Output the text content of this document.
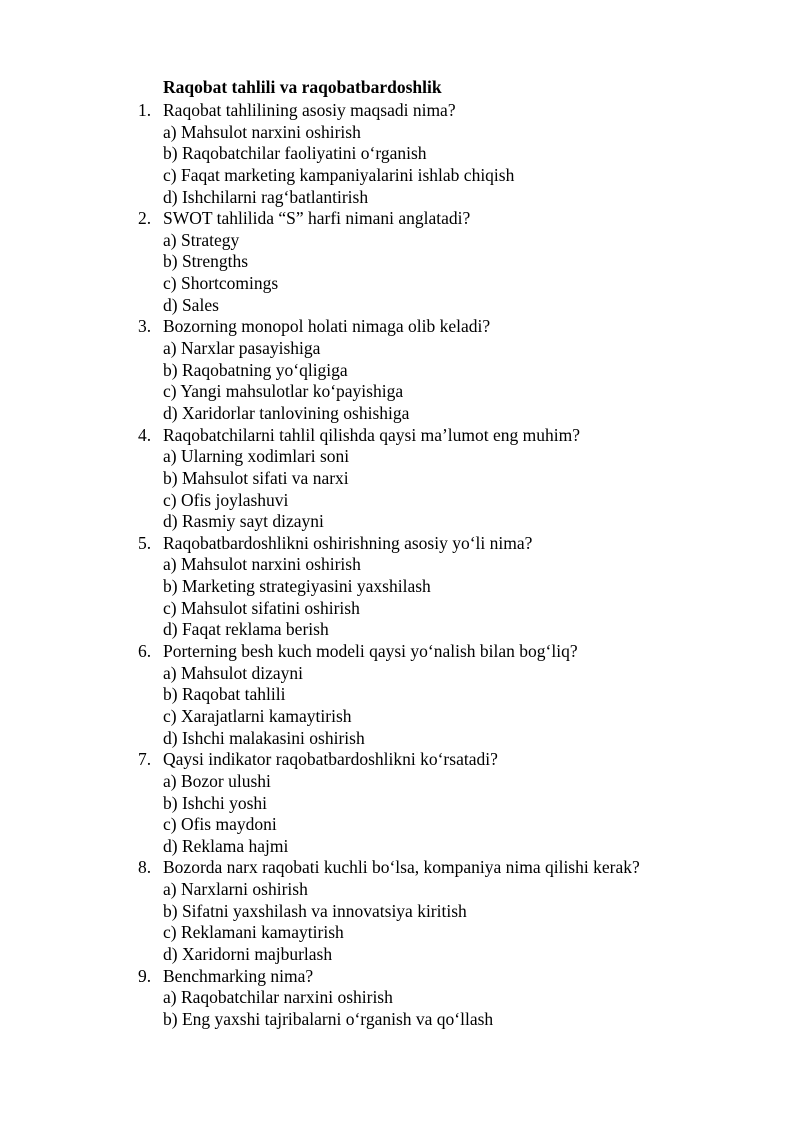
Raqobat tahlili va raqobatbardoshlik
1. Raqobat tahlilining asosiy maqsadi nima?
a) Mahsulot narxini oshirish
b) Raqobatchilar faoliyatini o‘rganish
c) Faqat marketing kampaniyalarini ishlab chiqish
d) Ishchilarni rag‘batlantirish
2. SWOT tahlilida “S” harfi nimani anglatadi?
a) Strategy
b) Strengths
c) Shortcomings
d) Sales
3. Bozorning monopol holati nimaga olib keladi?
a) Narxlar pasayishiga
b) Raqobatning yo‘qligiga
c) Yangi mahsulotlar ko‘payishiga
d) Xaridorlar tanlovining oshishiga
4. Raqobatchilarni tahlil qilishda qaysi ma’lumot eng muhim?
a) Ularning xodimlari soni
b) Mahsulot sifati va narxi
c) Ofis joylashuvi
d) Rasmiy sayt dizayni
5. Raqobatbardoshlikni oshirishning asosiy yo‘li nima?
a) Mahsulot narxini oshirish
b) Marketing strategiyasini yaxshilash
c) Mahsulot sifatini oshirish
d) Faqat reklama berish
6. Porterning besh kuch modeli qaysi yo‘nalish bilan bog‘liq?
a) Mahsulot dizayni
b) Raqobat tahlili
c) Xarajatlarni kamaytirish
d) Ishchi malakasini oshirish
7. Qaysi indikator raqobatbardoshlikni ko‘rsatadi?
a) Bozor ulushi
b) Ishchi yoshi
c) Ofis maydoni
d) Reklama hajmi
8. Bozorda narx raqobati kuchli bo‘lsa, kompaniya nima qilishi kerak?
a) Narxlarni oshirish
b) Sifatni yaxshilash va innovatsiya kiritish
c) Reklamani kamaytirish
d) Xaridorni majburlash
9. Benchmarking nima?
a) Raqobatchilar narxini oshirish
b) Eng yaxshi tajribalarni o‘rganish va qo‘llash
